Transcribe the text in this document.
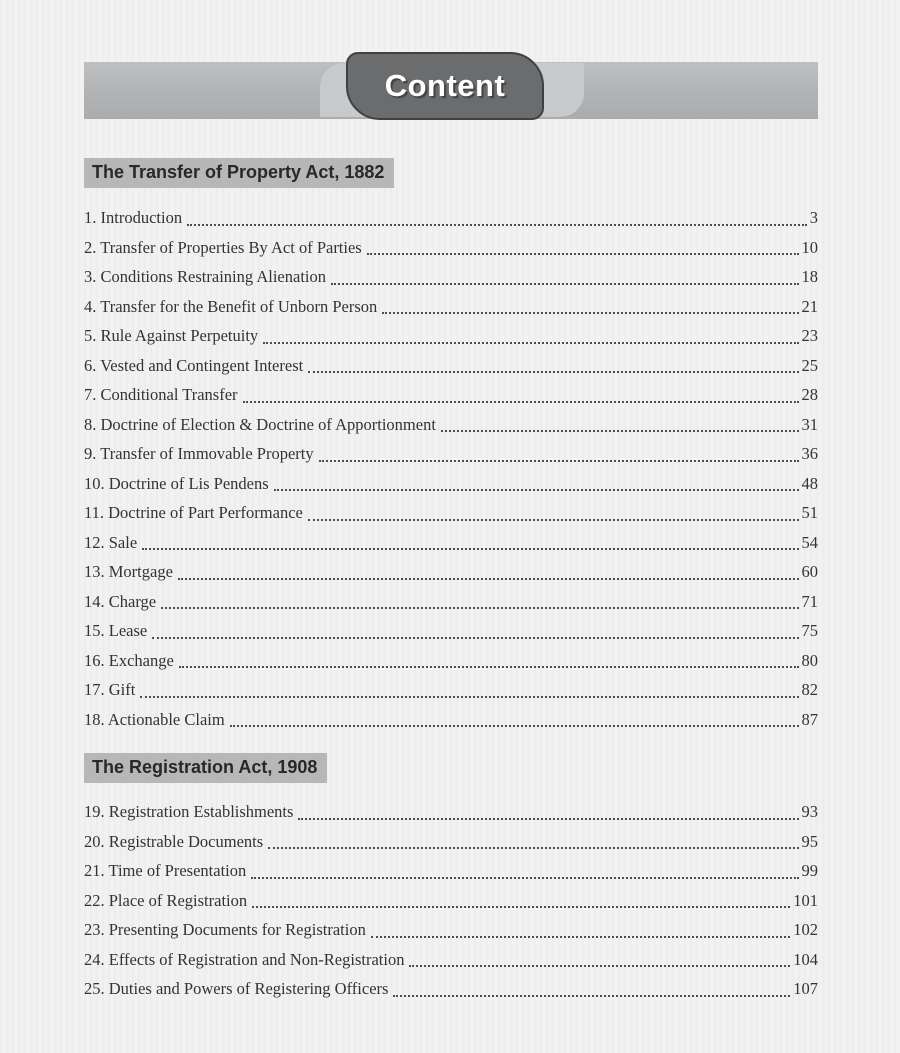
Content
The Transfer of Property Act, 1882
1. Introduction	3
2. Transfer of Properties By Act of Parties	10
3. Conditions Restraining Alienation	18
4. Transfer for the Benefit of Unborn Person	21
5. Rule Against Perpetuity	23
6. Vested and Contingent Interest	25
7. Conditional Transfer	28
8. Doctrine of Election & Doctrine of Apportionment	31
9. Transfer of Immovable Property	36
10. Doctrine of Lis Pendens	48
11. Doctrine of Part Performance	51
12. Sale	54
13. Mortgage	60
14. Charge	71
15. Lease	75
16. Exchange	80
17. Gift	82
18. Actionable Claim	87
The Registration Act, 1908
19. Registration Establishments	93
20. Registrable Documents	95
21. Time of Presentation	99
22. Place of Registration	101
23. Presenting Documents for Registration	102
24. Effects of Registration and Non-Registration	104
25. Duties and Powers of Registering Officers	107
